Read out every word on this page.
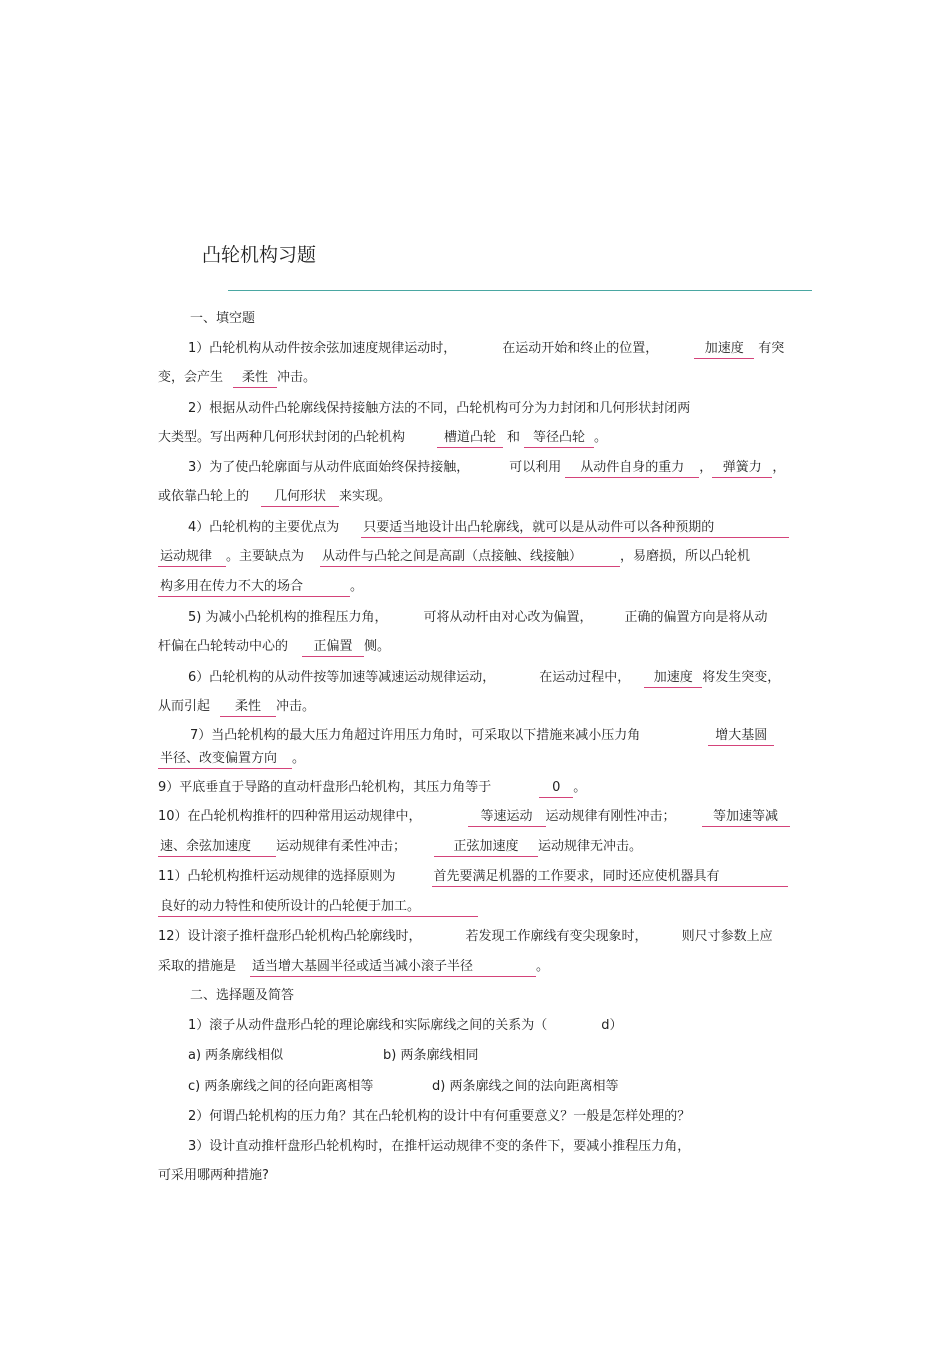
凸轮机构习题
一、填空题
1）凸轮机构从动件按余弦加速度规律运动时，	在运动开始和终止的位置，	加速度 有突
变，会产生 柔性 冲击。
2）根据从动件凸轮廓线保持接触方法的不同，凸轮机构可分为力封闭和几何形状封闭两
大类型。写出两种几何形状封闭的凸轮机构	槽道凸轮 和 等径凸轮 。
3）为了使凸轮廓面与从动件底面始终保持接触，	可以利用 从动件自身的重力 ， 弹簧力 ，
或依靠凸轮上的 几何形状 来实现。
4）凸轮机构的主要优点为 只要适当地设计出凸轮廓线，就可以是从动件可以各种预期的
运动规律 。主要缺点为 从动件与凸轮之间是高副（点接触、线接触）	，易磨损，所以凸轮机
构多用在传力不大的场合	。
5) 为减小凸轮机构的推程压力角，	可将从动杆由对心改为偏置， 正确的偏置方向是将从动
杆偏在凸轮转动中心的 正偏置 侧。
6）凸轮机构的从动件按等加速等减速运动规律运动，	在运动过程中， 加速度 将发生突变，
从而引起 柔性 冲击。
7）当凸轮机构的最大压力角超过许用压力角时，可采取以下措施来减小压力角	增大基圆
半径、改变偏置方向 。
9）平底垂直于导路的直动杆盘形凸轮机构，其压力角等于	0 。
10）在凸轮机构推杆的四种常用运动规律中，	等速运动 运动规律有刚性冲击；	等加速等减
速、余弦加速度 运动规律有柔性冲击；	正弦加速度 运动规律无冲击。
11）凸轮机构推杆运动规律的选择原则为	首先要满足机器的工作要求，同时还应使机器具有
良好的动力特性和使所设计的凸轮便于加工。
12）设计滚子推杆盘形凸轮机构凸轮廓线时，	若发现工作廓线有变尖现象时，	则尺寸参数上应
采取的措施是 适当增大基圆半径或适当减小滚子半径	。
二、选择题及简答
1）滚子从动件盘形凸轮的理论廓线和实际廓线之间的关系为（	d）
a) 两条廓线相似	b) 两条廓线相同
c) 两条廓线之间的径向距离相等	d) 两条廓线之间的法向距离相等
2）何谓凸轮机构的压力角？其在凸轮机构的设计中有何重要意义？一般是怎样处理的？
3）设计直动推杆盘形凸轮机构时，在推杆运动规律不变的条件下，要减小推程压力角，
可采用哪两种措施?
